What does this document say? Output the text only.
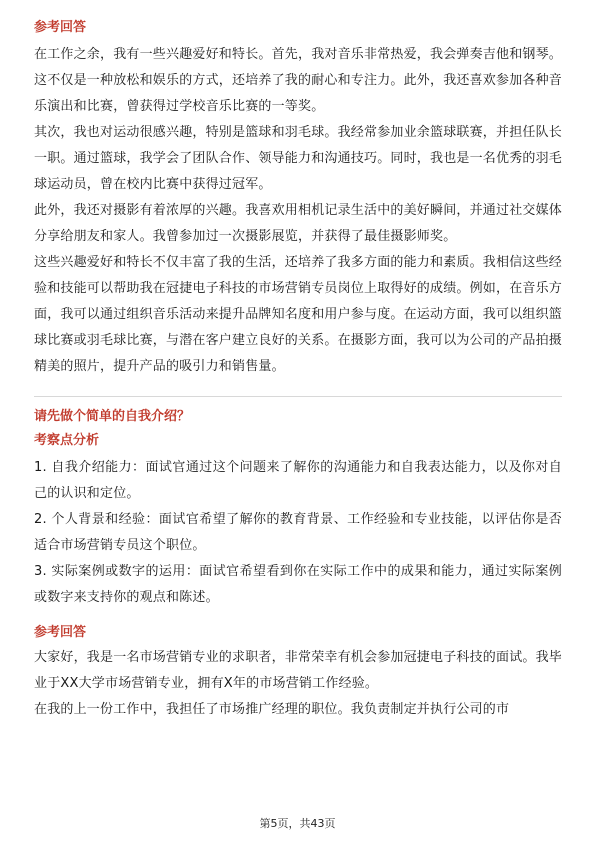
参考回答

在工作之余，我有一些兴趣爱好和特长。首先，我对音乐非常热爱，我会弹奏吉他和钢琴。这不仅是一种放松和娱乐的方式，还培养了我的耐心和专注力。此外，我还喜欢参加各种音乐演出和比赛，曾获得过学校音乐比赛的一等奖。

其次，我也对运动很感兴趣，特别是篮球和羽毛球。我经常参加业余篮球联赛，并担任队长一职。通过篮球，我学会了团队合作、领导能力和沟通技巧。同时，我也是一名优秀的羽毛球运动员，曾在校内比赛中获得过冠军。

此外，我还对摄影有着浓厚的兴趣。我喜欢用相机记录生活中的美好瞬间，并通过社交媒体分享给朋友和家人。我曾参加过一次摄影展览，并获得了最佳摄影师奖。

这些兴趣爱好和特长不仅丰富了我的生活，还培养了我多方面的能力和素质。我相信这些经验和技能可以帮助我在冠捷电子科技的市场营销专员岗位上取得好的成绩。例如，在音乐方面，我可以通过组织音乐活动来提升品牌知名度和用户参与度。在运动方面，我可以组织篮球比赛或羽毛球比赛，与潜在客户建立良好的关系。在摄影方面，我可以为公司的产品拍摄精美的照片，提升产品的吸引力和销售量。

请先做个简单的自我介绍？
考察点分析

1. 自我介绍能力：面试官通过这个问题来了解你的沟通能力和自我表达能力，以及你对自己的认识和定位。

2. 个人背景和经验：面试官希望了解你的教育背景、工作经验和专业技能，以评估你是否适合市场营销专员这个职位。

3. 实际案例或数字的运用：面试官希望看到你在实际工作中的成果和能力，通过实际案例或数字来支持你的观点和陈述。

参考回答

大家好，我是一名市场营销专业的求职者，非常荣幸有机会参加冠捷电子科技的面试。我毕业于XX大学市场营销专业，拥有X年的市场营销工作经验。

在我的上一份工作中，我担任了市场推广经理的职位。我负责制定并执行公司的市

第5页，共43页
